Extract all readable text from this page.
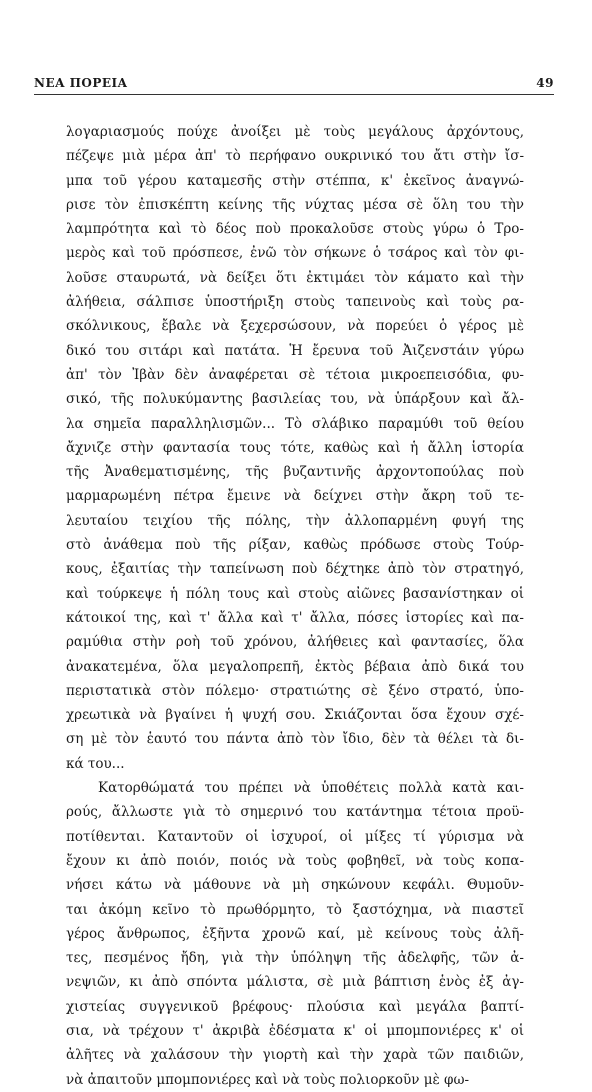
ΝΕΑ ΠΟΡΕΙΑ	49
λογαριασμούς πούχε ἀνοίξει μὲ τοὺς μεγάλους ἀρχόντους,
πέζεψε μιὰ μέρα ἀπ' τὸ περήφανο ουκρινικό του ἄτι στὴν ἴσ-
μπα τοῦ γέρου καταμεσῆς στὴν στέππα, κ' ἐκεῖνος ἀναγνώ-
ρισε τὸν ἐπισκέπτη κείνης τῆς νύχτας μέσα σὲ ὅλη του τὴν
λαμπρότητα καὶ τὸ δέος ποὺ προκαλοῦσε στοὺς γύρω ὁ Τρο-
μερὸς καὶ τοῦ πρόσπεσε, ἐνῶ τὸν σήκωνε ὁ τσάρος καὶ τὸν φι-
λοῦσε σταυρωτά, νὰ δείξει ὅτι ἐκτιμάει τὸν κάματο καὶ τὴν
ἀλήθεια, σάλπισε ὑποστήριξη στοὺς ταπεινοὺς καὶ τοὺς ρα-
σκόλνικους, ἔβαλε νὰ ξεχερσώσουν, νὰ πορεύει ὁ γέρος μὲ
δικό του σιτάρι καὶ πατάτα. Ἡ ἔρευνα τοῦ Ἀιζενστάιν γύρω
ἀπ' τὸν Ἰβὰν δὲν ἀναφέρεται σὲ τέτοια μικροεπεισόδια, φυ-
σικό, τῆς πολυκύμαντης βασιλείας του, νὰ ὑπάρξουν καὶ ἄλ-
λα σημεῖα παραλληλισμῶν... Τὸ σλάβικο παραμύθι τοῦ θείου
ἄχνιζε στὴν φαντασία τους τότε, καθὼς καὶ ἡ ἄλλη ἱστορία
τῆς Ἀναθεματισμένης, τῆς βυζαντινῆς ἀρχοντοπούλας ποὺ
μαρμαρωμένη πέτρα ἔμεινε νὰ δείχνει στὴν ἄκρη τοῦ τε-
λευταίου τειχίου τῆς πόλης, τὴν ἀλλοπαρμένη φυγή της
στὸ ἀνάθεμα ποὺ τῆς ρίξαν, καθὼς πρόδωσε στοὺς Τούρ-
κους, ἐξαιτίας τὴν ταπείνωση ποὺ δέχτηκε ἀπὸ τὸν στρατηγό,
καὶ τούρκεψε ἡ πόλη τους καὶ στοὺς αἰῶνες βασανίστηκαν οἱ
κάτοικοί της, καὶ τ' ἄλλα καὶ τ' ἄλλα, πόσες ἱστορίες καὶ πα-
ραμύθια στὴν ροὴ τοῦ χρόνου, ἀλήθειες καὶ φαντασίες, ὅλα
ἀνακατεμένα, ὅλα μεγαλοπρεπῆ, ἐκτὸς βέβαια ἀπὸ δικά του
περιστατικὰ στὸν πόλεμο· στρατιώτης σὲ ξένο στρατό, ὑπο-
χρεωτικὰ νὰ βγαίνει ἡ ψυχή σου. Σκιάζονται ὅσα ἔχουν σχέ-
ση μὲ τὸν ἑαυτό του πάντα ἀπὸ τὸν ἴδιο, δὲν τὰ θέλει τὰ δι-
κά του...
Κατορθώματά του πρέπει νὰ ὑποθέτεις πολλὰ κατὰ και-
ρούς, ἄλλωστε γιὰ τὸ σημερινό του κατάντημα τέτοια προϋ-
ποτίθενται. Καταντοῦν οἱ ἰσχυροί, οἱ μίξες τί γύρισμα νὰ
ἔχουν κι ἀπὸ ποιόν, ποιός νὰ τοὺς φοβηθεῖ, νὰ τοὺς κοπα-
νήσει κάτω νὰ μάθουνε νὰ μὴ σηκώνουν κεφάλι. Θυμοῦν-
ται ἀκόμη κεῖνο τὸ πρωθόρμητο, τὸ ξαστόχημα, νὰ πιαστεῖ
γέρος ἄνθρωπος, ἐξῆντα χρονῶ καί, μὲ κείνους τοὺς ἀλῆ-
τες, πεσμένος ἤδη, γιὰ τὴν ὑπόληψη τῆς ἀδελφῆς, τῶν ἀ-
νεψιῶν, κι ἀπὸ σπόντα μάλιστα, σὲ μιὰ βάπτιση ἑνὸς ἐξ ἀγ-
χιστείας συγγενικοῦ βρέφους· πλούσια καὶ μεγάλα βαπτί-
σια, νὰ τρέχουν τ' ἀκριβὰ ἐδέσματα κ' οἱ μπομπονιέρες κ' οἱ
ἀλῆτες νὰ χαλάσουν τὴν γιορτὴ καὶ τὴν χαρὰ τῶν παιδιῶν,
νὰ ἀπαιτοῦν μπομπονιέρες καὶ νὰ τοὺς πολιορκοῦν μὲ φω-
